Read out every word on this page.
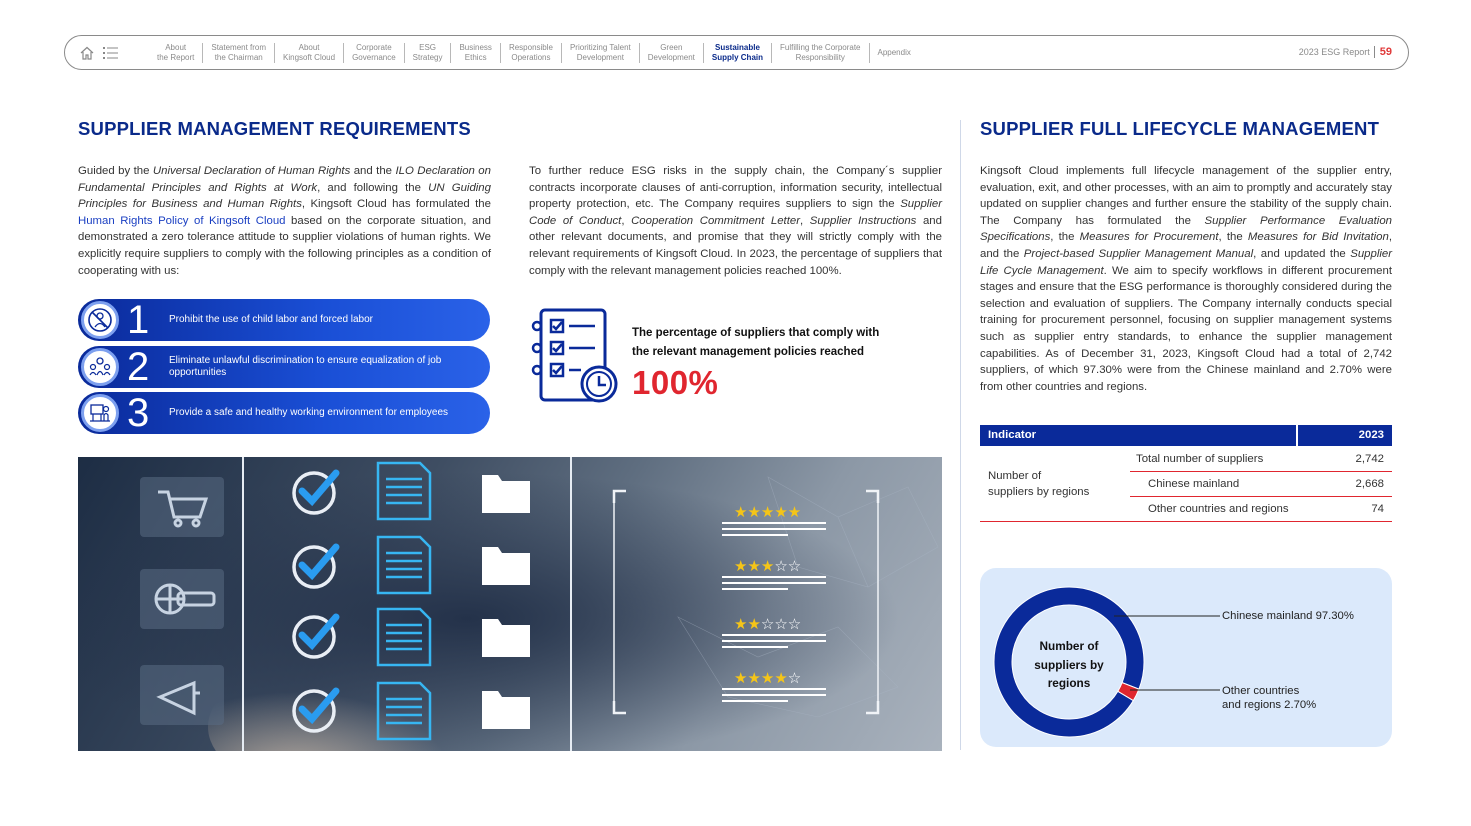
About
the Report
Statement from
the Chairman
About
Kingsoft Cloud
Corporate
Governance
ESG
Strategy
Business
Ethics
Responsible
Operations
Prioritizing Talent
Development
Green
Development
Sustainable
Supply Chain
Fulfilling the Corporate
Responsibility
Appendix	2023 ESG Report 59
SUPPLIER MANAGEMENT REQUIREMENTS
Guided by the Universal Declaration of Human Rights and the ILO Declaration on Fundamental Principles and Rights at Work, and following the UN Guiding Principles for Business and Human Rights, Kingsoft Cloud has formulated the Human Rights Policy of Kingsoft Cloud based on the corporate situation, and demonstrated a zero tolerance attitude to supplier violations of human rights. We explicitly require suppliers to comply with the following principles as a condition of cooperating with us:
1	Prohibit the use of child labor and forced labor
2	Eliminate unlawful discrimination to ensure equalization of job opportunities
3	Provide a safe and healthy working environment for employees
To further reduce ESG risks in the supply chain, the Company´s supplier contracts incorporate clauses of anti-corruption, information security, intellectual property protection, etc. The Company requires suppliers to sign the Supplier Code of Conduct, Cooperation Commitment Letter, Supplier Instructions and other relevant documents, and promise that they will strictly comply with the relevant requirements of Kingsoft Cloud. In 2023, the percentage of suppliers that comply with the relevant management policies reached 100%.
The percentage of suppliers that comply with
the relevant management policies reached
100%
★★★★★
★★★☆☆
★★☆☆☆
★★★★☆
SUPPLIER FULL LIFECYCLE MANAGEMENT
Kingsoft Cloud implements full lifecycle management of the supplier entry, evaluation, exit, and other processes, with an aim to promptly and accurately stay updated on supplier changes and further ensure the stability of the supply chain. The Company has formulated the Supplier Performance Evaluation Specifications, the Measures for Procurement, the Measures for Bid Invitation, and the Project-based Supplier Management Manual, and updated the Supplier Life Cycle Management. We aim to specify workflows in different procurement stages and ensure that the ESG performance is thoroughly considered during the selection and evaluation of suppliers. The Company internally conducts special training for procurement personnel, focusing on supplier management systems such as supplier entry standards, to enhance the supplier management capabilities. As of December 31, 2023, Kingsoft Cloud had a total of 2,742 suppliers, of which 97.30% were from the Chinese mainland and 2.70% were from other countries and regions.
Indicator	2023
Number of
suppliers by regions
Total number of suppliers	2,742
Chinese mainland	2,668
Other countries and regions	74
Number of suppliers by regions
Chinese mainland 97.30%
Other countries
and regions 2.70%
